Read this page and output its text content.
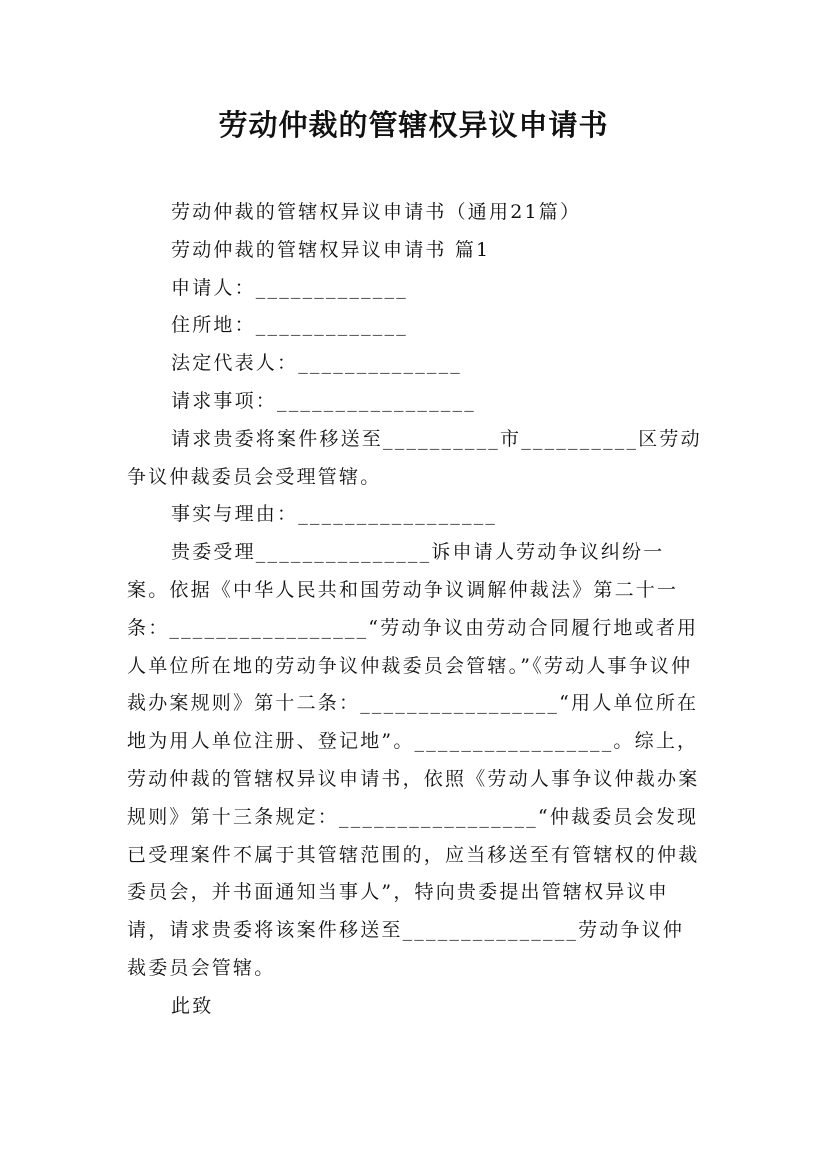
劳动仲裁的管辖权异议申请书
劳动仲裁的管辖权异议申请书（通用21篇）
劳动仲裁的管辖权异议申请书 篇1
申请人：_____________
住所地：_____________
法定代表人：______________
请求事项：_________________
请求贵委将案件移送至__________市__________区劳动争议仲裁委员会受理管辖。
事实与理由：_________________
贵委受理_______________诉申请人劳动争议纠纷一案。依据《中华人民共和国劳动争议调解仲裁法》第二十一条：_________________“劳动争议由劳动合同履行地或者用人单位所在地的劳动争议仲裁委员会管辖。”《劳动人事争议仲裁办案规则》第十二条：_________________“用人单位所在地为用人单位注册、登记地”。_________________。综上，劳动仲裁的管辖权异议申请书，依照《劳动人事争议仲裁办案规则》第十三条规定：_________________“仲裁委员会发现已受理案件不属于其管辖范围的，应当移送至有管辖权的仲裁委员会，并书面通知当事人”，特向贵委提出管辖权异议申请，请求贵委将该案件移送至_______________劳动争议仲裁委员会管辖。
此致
